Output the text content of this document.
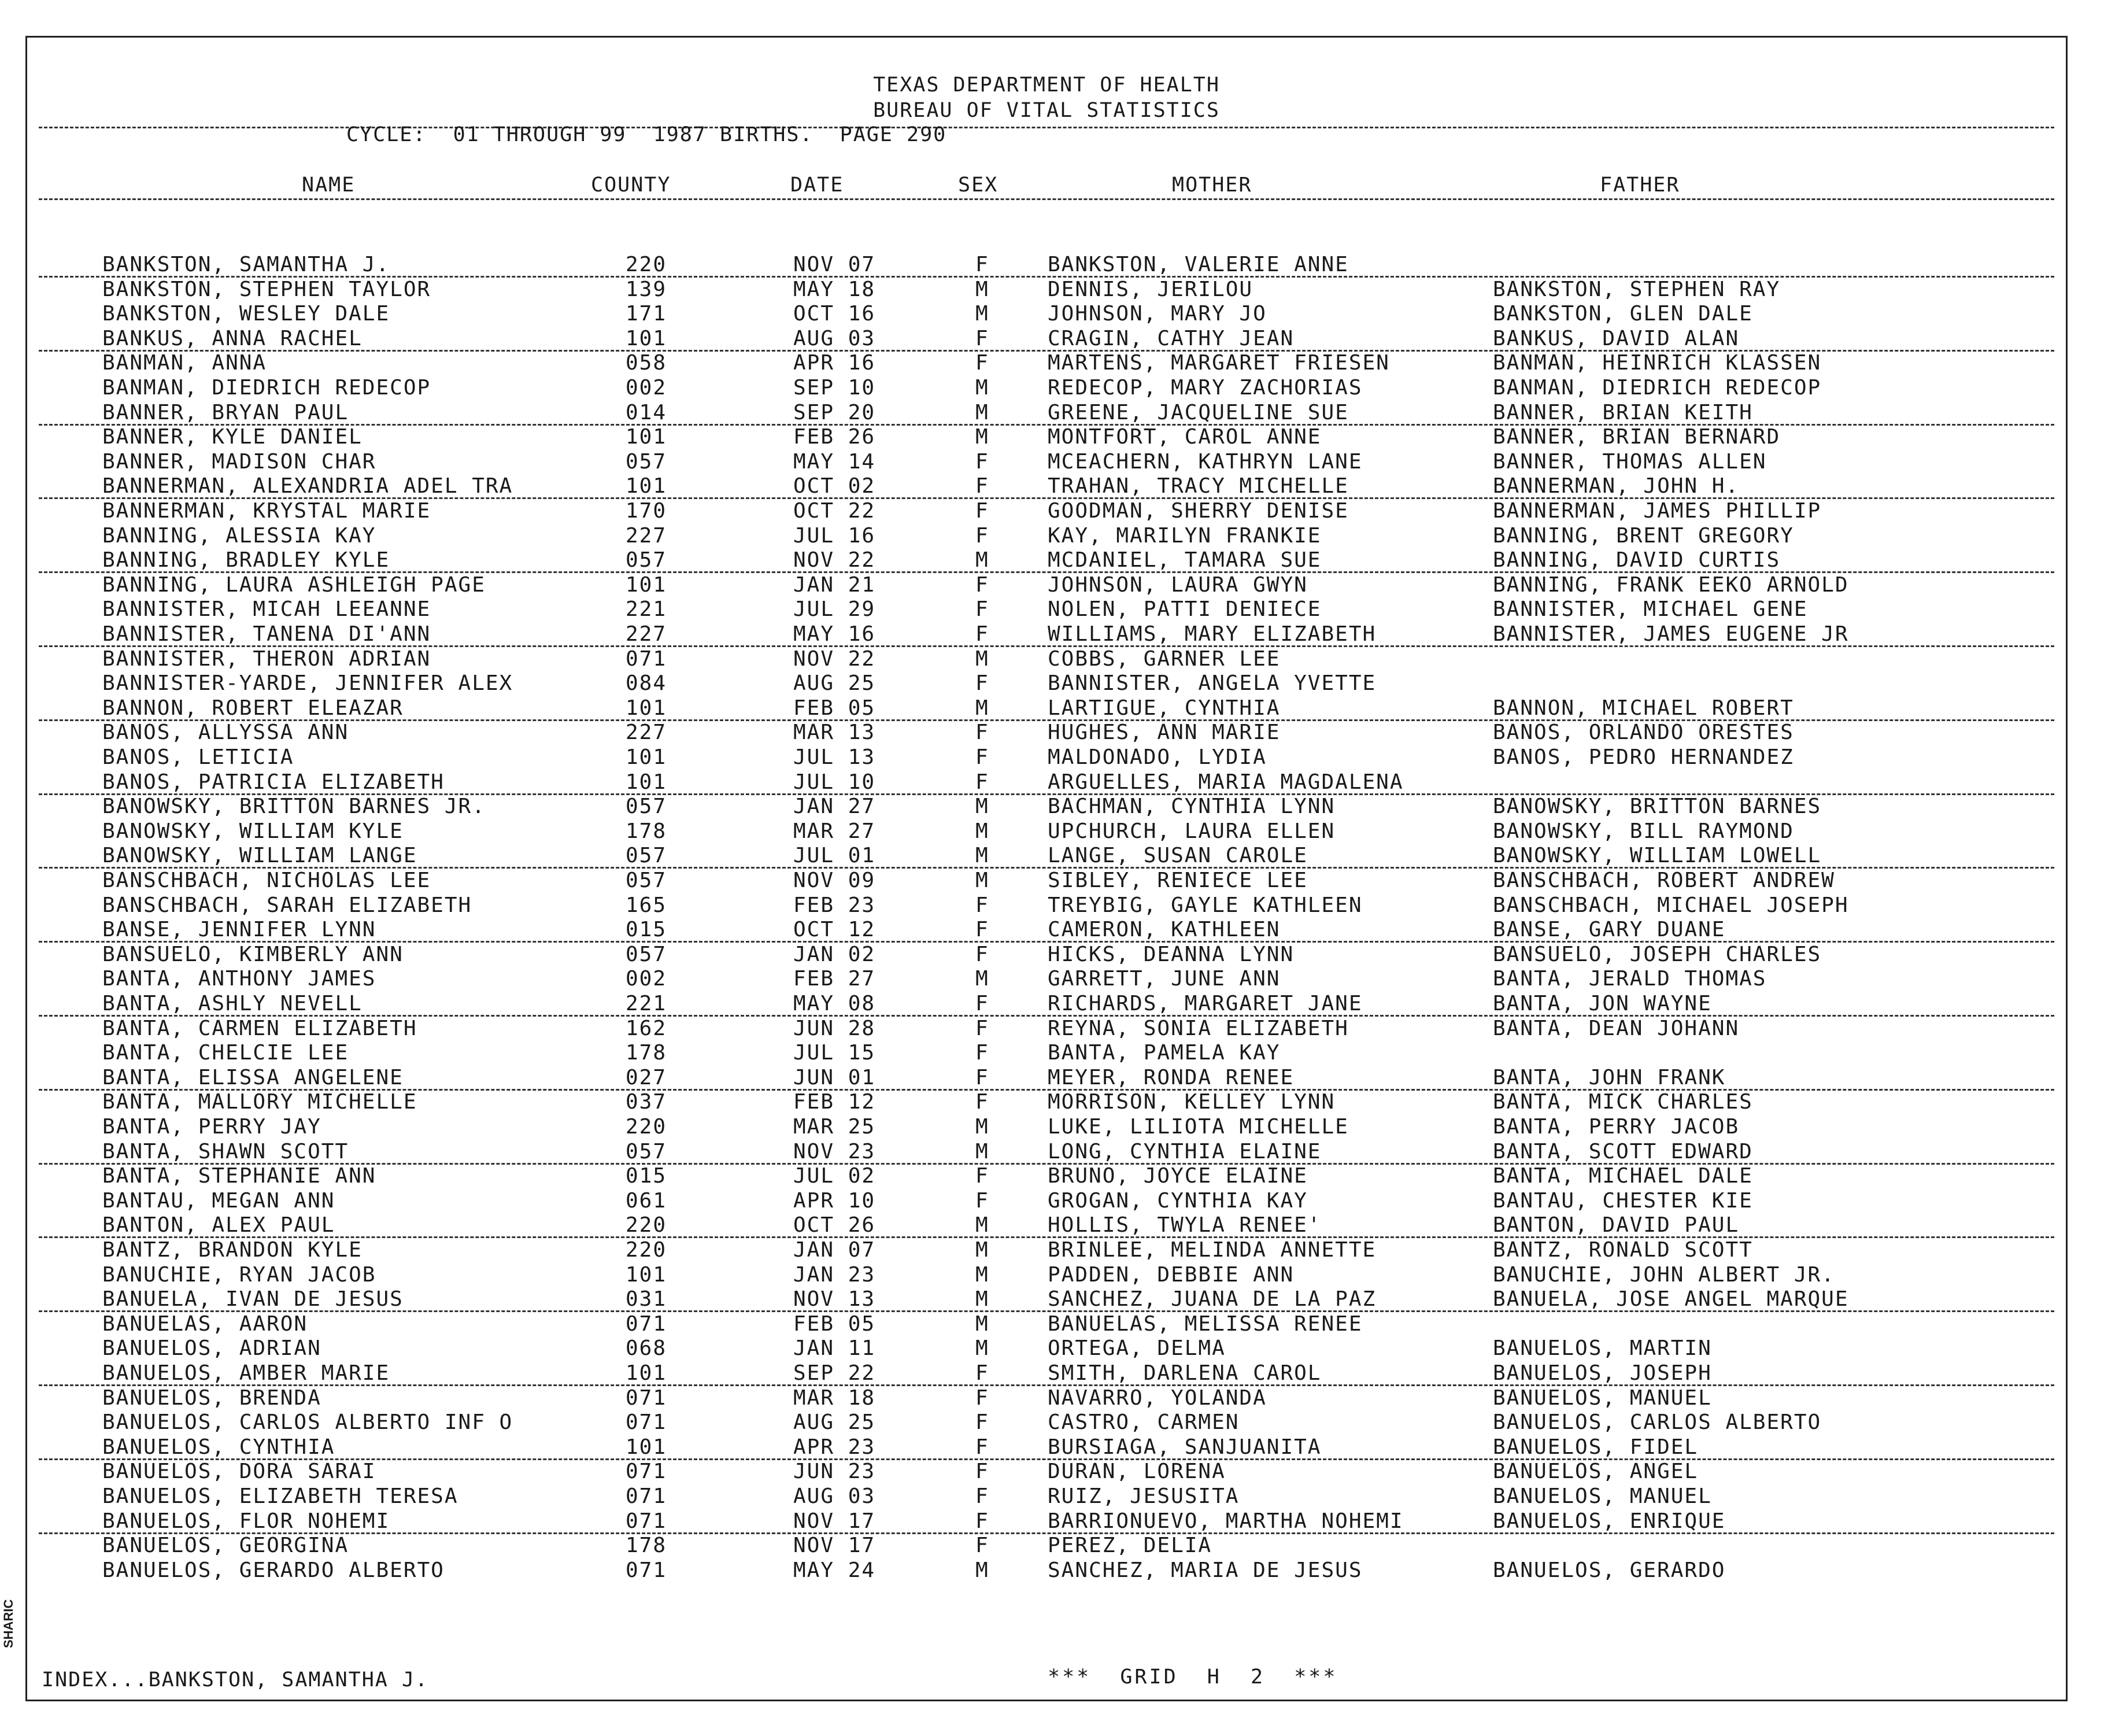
TEXAS DEPARTMENT OF HEALTH
BUREAU OF VITAL STATISTICS
CYCLE:  01 THROUGH 99  1987 BIRTHS.  PAGE 290
NAME	COUNTY	DATE	SEX	MOTHER	FATHER
BANKSTON, SAMANTHA J.	220	NOV 07	F	BANKSTON, VALERIE ANNE
BANKSTON, STEPHEN TAYLOR	139	MAY 18	M	DENNIS, JERILOU	BANKSTON, STEPHEN RAY
BANKSTON, WESLEY DALE	171	OCT 16	M	JOHNSON, MARY JO	BANKSTON, GLEN DALE
BANKUS, ANNA RACHEL	101	AUG 03	F	CRAGIN, CATHY JEAN	BANKUS, DAVID ALAN
BANMAN, ANNA	058	APR 16	F	MARTENS, MARGARET FRIESEN	BANMAN, HEINRICH KLASSEN
BANMAN, DIEDRICH REDECOP	002	SEP 10	M	REDECOP, MARY ZACHORIAS	BANMAN, DIEDRICH REDECOP
BANNER, BRYAN PAUL	014	SEP 20	M	GREENE, JACQUELINE SUE	BANNER, BRIAN KEITH
BANNER, KYLE DANIEL	101	FEB 26	M	MONTFORT, CAROL ANNE	BANNER, BRIAN BERNARD
BANNER, MADISON CHAR	057	MAY 14	F	MCEACHERN, KATHRYN LANE	BANNER, THOMAS ALLEN
BANNERMAN, ALEXANDRIA ADEL TRA	101	OCT 02	F	TRAHAN, TRACY MICHELLE	BANNERMAN, JOHN H.
BANNERMAN, KRYSTAL MARIE	170	OCT 22	F	GOODMAN, SHERRY DENISE	BANNERMAN, JAMES PHILLIP
BANNING, ALESSIA KAY	227	JUL 16	F	KAY, MARILYN FRANKIE	BANNING, BRENT GREGORY
BANNING, BRADLEY KYLE	057	NOV 22	M	MCDANIEL, TAMARA SUE	BANNING, DAVID CURTIS
BANNING, LAURA ASHLEIGH PAGE	101	JAN 21	F	JOHNSON, LAURA GWYN	BANNING, FRANK EEKO ARNOLD
BANNISTER, MICAH LEEANNE	221	JUL 29	F	NOLEN, PATTI DENIECE	BANNISTER, MICHAEL GENE
BANNISTER, TANENA DI'ANN	227	MAY 16	F	WILLIAMS, MARY ELIZABETH	BANNISTER, JAMES EUGENE JR
BANNISTER, THERON ADRIAN	071	NOV 22	M	COBBS, GARNER LEE
BANNISTER-YARDE, JENNIFER ALEX	084	AUG 25	F	BANNISTER, ANGELA YVETTE
BANNON, ROBERT ELEAZAR	101	FEB 05	M	LARTIGUE, CYNTHIA	BANNON, MICHAEL ROBERT
BANOS, ALLYSSA ANN	227	MAR 13	F	HUGHES, ANN MARIE	BANOS, ORLANDO ORESTES
BANOS, LETICIA	101	JUL 13	F	MALDONADO, LYDIA	BANOS, PEDRO HERNANDEZ
BANOS, PATRICIA ELIZABETH	101	JUL 10	F	ARGUELLES, MARIA MAGDALENA
BANOWSKY, BRITTON BARNES JR.	057	JAN 27	M	BACHMAN, CYNTHIA LYNN	BANOWSKY, BRITTON BARNES
BANOWSKY, WILLIAM KYLE	178	MAR 27	M	UPCHURCH, LAURA ELLEN	BANOWSKY, BILL RAYMOND
BANOWSKY, WILLIAM LANGE	057	JUL 01	M	LANGE, SUSAN CAROLE	BANOWSKY, WILLIAM LOWELL
BANSCHBACH, NICHOLAS LEE	057	NOV 09	M	SIBLEY, RENIECE LEE	BANSCHBACH, ROBERT ANDREW
BANSCHBACH, SARAH ELIZABETH	165	FEB 23	F	TREYBIG, GAYLE KATHLEEN	BANSCHBACH, MICHAEL JOSEPH
BANSE, JENNIFER LYNN	015	OCT 12	F	CAMERON, KATHLEEN	BANSE, GARY DUANE
BANSUELO, KIMBERLY ANN	057	JAN 02	F	HICKS, DEANNA LYNN	BANSUELO, JOSEPH CHARLES
BANTA, ANTHONY JAMES	002	FEB 27	M	GARRETT, JUNE ANN	BANTA, JERALD THOMAS
BANTA, ASHLY NEVELL	221	MAY 08	F	RICHARDS, MARGARET JANE	BANTA, JON WAYNE
BANTA, CARMEN ELIZABETH	162	JUN 28	F	REYNA, SONIA ELIZABETH	BANTA, DEAN JOHANN
BANTA, CHELCIE LEE	178	JUL 15	F	BANTA, PAMELA KAY
BANTA, ELISSA ANGELENE	027	JUN 01	F	MEYER, RONDA RENEE	BANTA, JOHN FRANK
BANTA, MALLORY MICHELLE	037	FEB 12	F	MORRISON, KELLEY LYNN	BANTA, MICK CHARLES
BANTA, PERRY JAY	220	MAR 25	M	LUKE, LILIOTA MICHELLE	BANTA, PERRY JACOB
BANTA, SHAWN SCOTT	057	NOV 23	M	LONG, CYNTHIA ELAINE	BANTA, SCOTT EDWARD
BANTA, STEPHANIE ANN	015	JUL 02	F	BRUNO, JOYCE ELAINE	BANTA, MICHAEL DALE
BANTAU, MEGAN ANN	061	APR 10	F	GROGAN, CYNTHIA KAY	BANTAU, CHESTER KIE
BANTON, ALEX PAUL	220	OCT 26	M	HOLLIS, TWYLA RENEE'	BANTON, DAVID PAUL
BANTZ, BRANDON KYLE	220	JAN 07	M	BRINLEE, MELINDA ANNETTE	BANTZ, RONALD SCOTT
BANUCHIE, RYAN JACOB	101	JAN 23	M	PADDEN, DEBBIE ANN	BANUCHIE, JOHN ALBERT JR.
BANUELA, IVAN DE JESUS	031	NOV 13	M	SANCHEZ, JUANA DE LA PAZ	BANUELA, JOSE ANGEL MARQUE
BANUELAS, AARON	071	FEB 05	M	BANUELAS, MELISSA RENEE
BANUELOS, ADRIAN	068	JAN 11	M	ORTEGA, DELMA	BANUELOS, MARTIN
BANUELOS, AMBER MARIE	101	SEP 22	F	SMITH, DARLENA CAROL	BANUELOS, JOSEPH
BANUELOS, BRENDA	071	MAR 18	F	NAVARRO, YOLANDA	BANUELOS, MANUEL
BANUELOS, CARLOS ALBERTO INF O	071	AUG 25	F	CASTRO, CARMEN	BANUELOS, CARLOS ALBERTO
BANUELOS, CYNTHIA	101	APR 23	F	BURSIAGA, SANJUANITA	BANUELOS, FIDEL
BANUELOS, DORA SARAI	071	JUN 23	F	DURAN, LORENA	BANUELOS, ANGEL
BANUELOS, ELIZABETH TERESA	071	AUG 03	F	RUIZ, JESUSITA	BANUELOS, MANUEL
BANUELOS, FLOR NOHEMI	071	NOV 17	F	BARRIONUEVO, MARTHA NOHEMI	BANUELOS, ENRIQUE
BANUELOS, GEORGINA	178	NOV 17	F	PEREZ, DELIA
BANUELOS, GERARDO ALBERTO	071	MAY 24	M	SANCHEZ, MARIA DE JESUS	BANUELOS, GERARDO
INDEX...BANKSTON, SAMANTHA J.	***  GRID  H  2  ***
SHARIC
